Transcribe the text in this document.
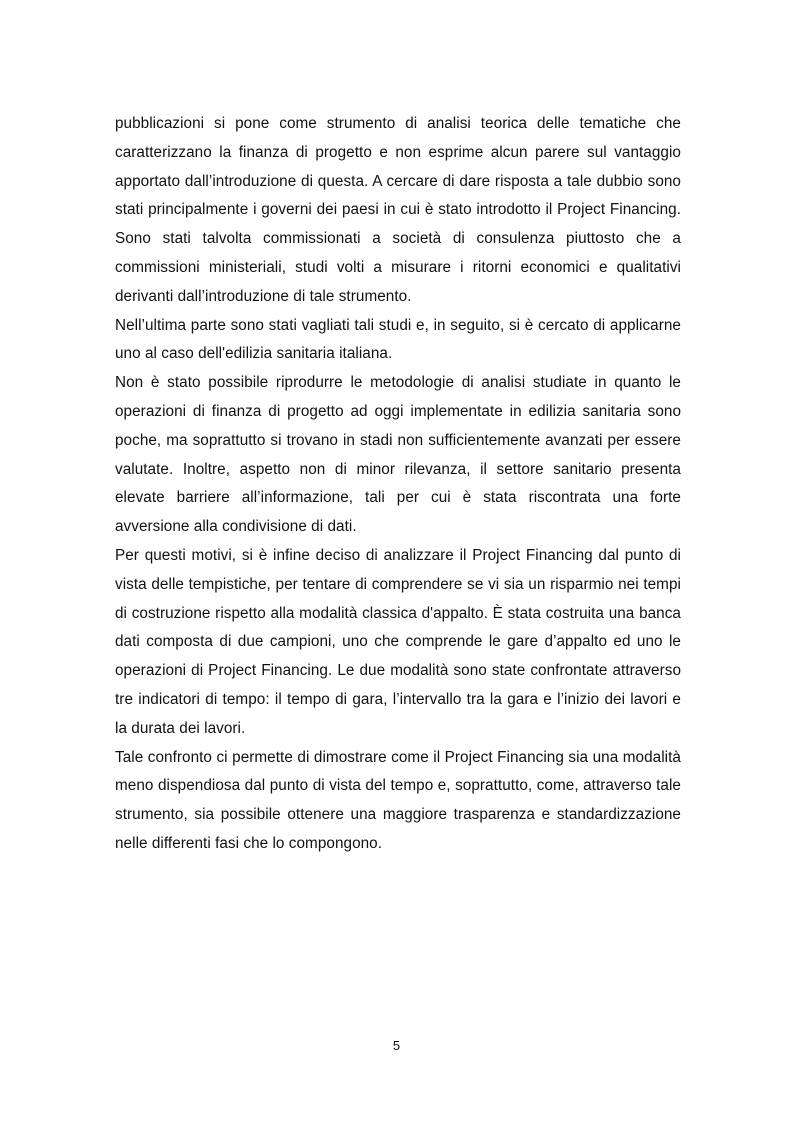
pubblicazioni si pone come strumento di analisi teorica delle tematiche che caratterizzano la finanza di progetto e non esprime alcun parere sul vantaggio apportato dall’introduzione di questa. A cercare di dare risposta a tale dubbio sono stati principalmente i governi dei paesi in cui è stato introdotto il Project Financing. Sono stati talvolta commissionati a società di consulenza piuttosto che a commissioni ministeriali, studi volti a misurare i ritorni economici e qualitativi derivanti dall’introduzione di tale strumento.

Nell’ultima parte sono stati vagliati tali studi e, in seguito, si è cercato di applicarne uno al caso dell'edilizia sanitaria italiana.

Non è stato possibile riprodurre le metodologie di analisi studiate in quanto le operazioni di finanza di progetto ad oggi implementate in edilizia sanitaria sono poche, ma soprattutto si trovano in stadi non sufficientemente avanzati per essere valutate. Inoltre, aspetto non di minor rilevanza, il settore sanitario presenta elevate barriere all’informazione, tali per cui è stata riscontrata una forte avversione alla condivisione di dati.

Per questi motivi, si è infine deciso di analizzare il Project Financing dal punto di vista delle tempistiche, per tentare di comprendere se vi sia un risparmio nei tempi di costruzione rispetto alla modalità classica d'appalto. È stata costruita una banca dati composta di due campioni, uno che comprende le gare d’appalto ed uno le operazioni di Project Financing. Le due modalità sono state confrontate attraverso tre indicatori di tempo: il tempo di gara, l’intervallo tra la gara e l’inizio dei lavori e la durata dei lavori.

Tale confronto ci permette di dimostrare come il Project Financing sia una modalità meno dispendiosa dal punto di vista del tempo e, soprattutto, come, attraverso tale strumento, sia possibile ottenere una maggiore trasparenza e standardizzazione nelle differenti fasi che lo compongono.

5
